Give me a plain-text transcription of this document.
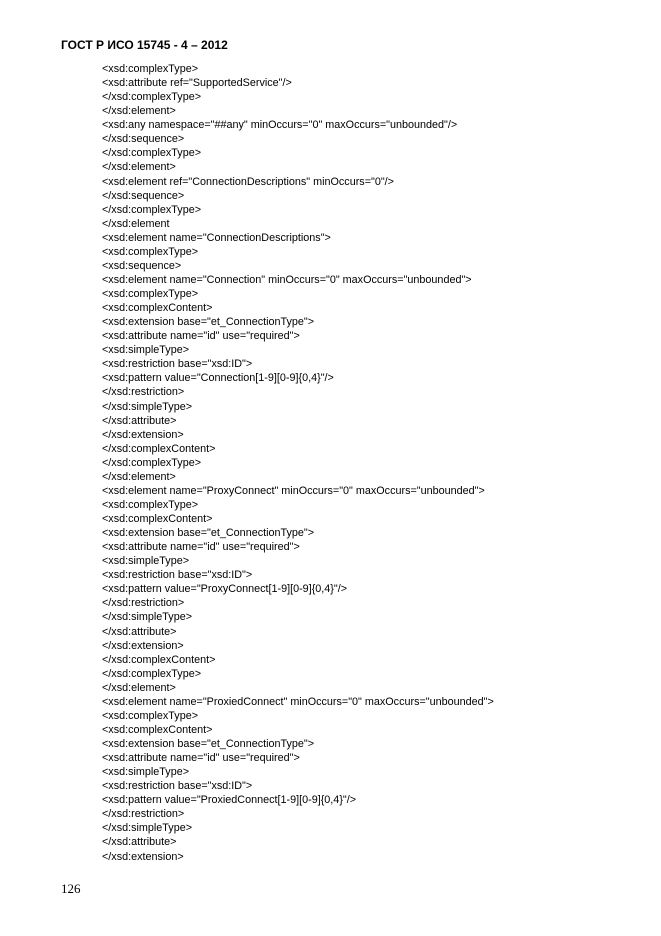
ГОСТ Р ИСО 15745 - 4 – 2012
<xsd:complexType>
<xsd:attribute ref="SupportedService"/>
</xsd:complexType>
</xsd:element>
<xsd:any namespace="##any" minOccurs="0" maxOccurs="unbounded"/>
</xsd:sequence>
</xsd:complexType>
</xsd:element>
<xsd:element ref="ConnectionDescriptions" minOccurs="0"/>
</xsd:sequence>
</xsd:complexType>
</xsd:element
<xsd:element name="ConnectionDescriptions">
<xsd:complexType>
<xsd:sequence>
<xsd:element name="Connection" minOccurs="0" maxOccurs="unbounded">
<xsd:complexType>
<xsd:complexContent>
<xsd:extension base="et_ConnectionType">
<xsd:attribute name="id" use="required">
<xsd:simpleType>
<xsd:restriction base="xsd:ID">
<xsd:pattern value="Connection[1-9][0-9]{0,4}"/>
</xsd:restriction>
</xsd:simpleType>
</xsd:attribute>
</xsd:extension>
</xsd:complexContent>
</xsd:complexType>
</xsd:element>
<xsd:element name="ProxyConnect" minOccurs="0" maxOccurs="unbounded">
<xsd:complexType>
<xsd:complexContent>
<xsd:extension base="et_ConnectionType">
<xsd:attribute name="id" use="required">
<xsd:simpleType>
<xsd:restriction base="xsd:ID">
<xsd:pattern value="ProxyConnect[1-9][0-9]{0,4}"/>
</xsd:restriction>
</xsd:simpleType>
</xsd:attribute>
</xsd:extension>
</xsd:complexContent>
</xsd:complexType>
</xsd:element>
<xsd:element name="ProxiedConnect" minOccurs="0" maxOccurs="unbounded">
<xsd:complexType>
<xsd:complexContent>
<xsd:extension base="et_ConnectionType">
<xsd:attribute name="id" use="required">
<xsd:simpleType>
<xsd:restriction base="xsd:ID">
<xsd:pattern value="ProxiedConnect[1-9][0-9]{0,4}"/>
</xsd:restriction>
</xsd:simpleType>
</xsd:attribute>
</xsd:extension>

126
